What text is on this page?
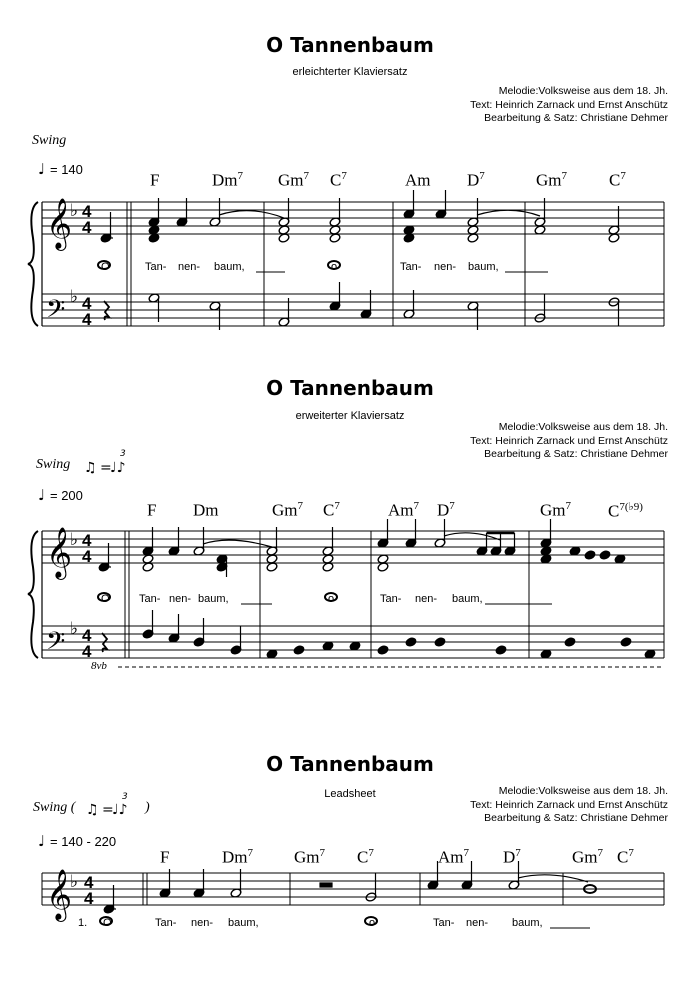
O Tannenbaum
erleichterter Klaviersatz
Melodie:Volksweise aus dem 18. Jh.
Text: Heinrich Zarnack und Ernst Anschütz
Bearbeitung & Satz: Christiane Dehmer
Swing
= 140
F	Dm$^7$ Gm$^7$ $C^7$	Am $D^7$	Gm$^7$ $C^7$
O	Tan- nen- baum,	o	Tan- nen- baum,
O Tannenbaum
erweiterter Klaviersatz
Melodie:Volksweise aus dem 18. Jh.
Text: Heinrich Zarnack und Ernst Anschütz
Bearbeitung & Satz: Christiane Dehmer
Swing
= 200
F Dm	Gm$^7$ $C^7$	Am$^7$ $D^7$	Gm$^7$ $C^{7(♭9)}$
O	Tan- nen- baum,	o	Tan- nen- baum,
8vb
O Tannenbaum
Leadsheet	Melodie:Volksweise aus dem 18. Jh.
Text: Heinrich Zarnack und Ernst Anschütz
Bearbeitung & Satz: Christiane Dehmer
Swing (	)
= 140 - 220
F	Dm$^7$ Gm$^7$ $C^7$	Am$^7$ $D^7$	Gm$^7$ $C^7$
1. O	Tan- nen- baum,	o	Tan- nen- baum,
𝄞
𝄢
♭
♭
4
4
4
4
♩
𝄞
𝄢
♭
♭
4
4
4
4
♩
♫ =
♩♪
3
𝄞
♭ 4
4
♩
♫ =
♩♪
3
